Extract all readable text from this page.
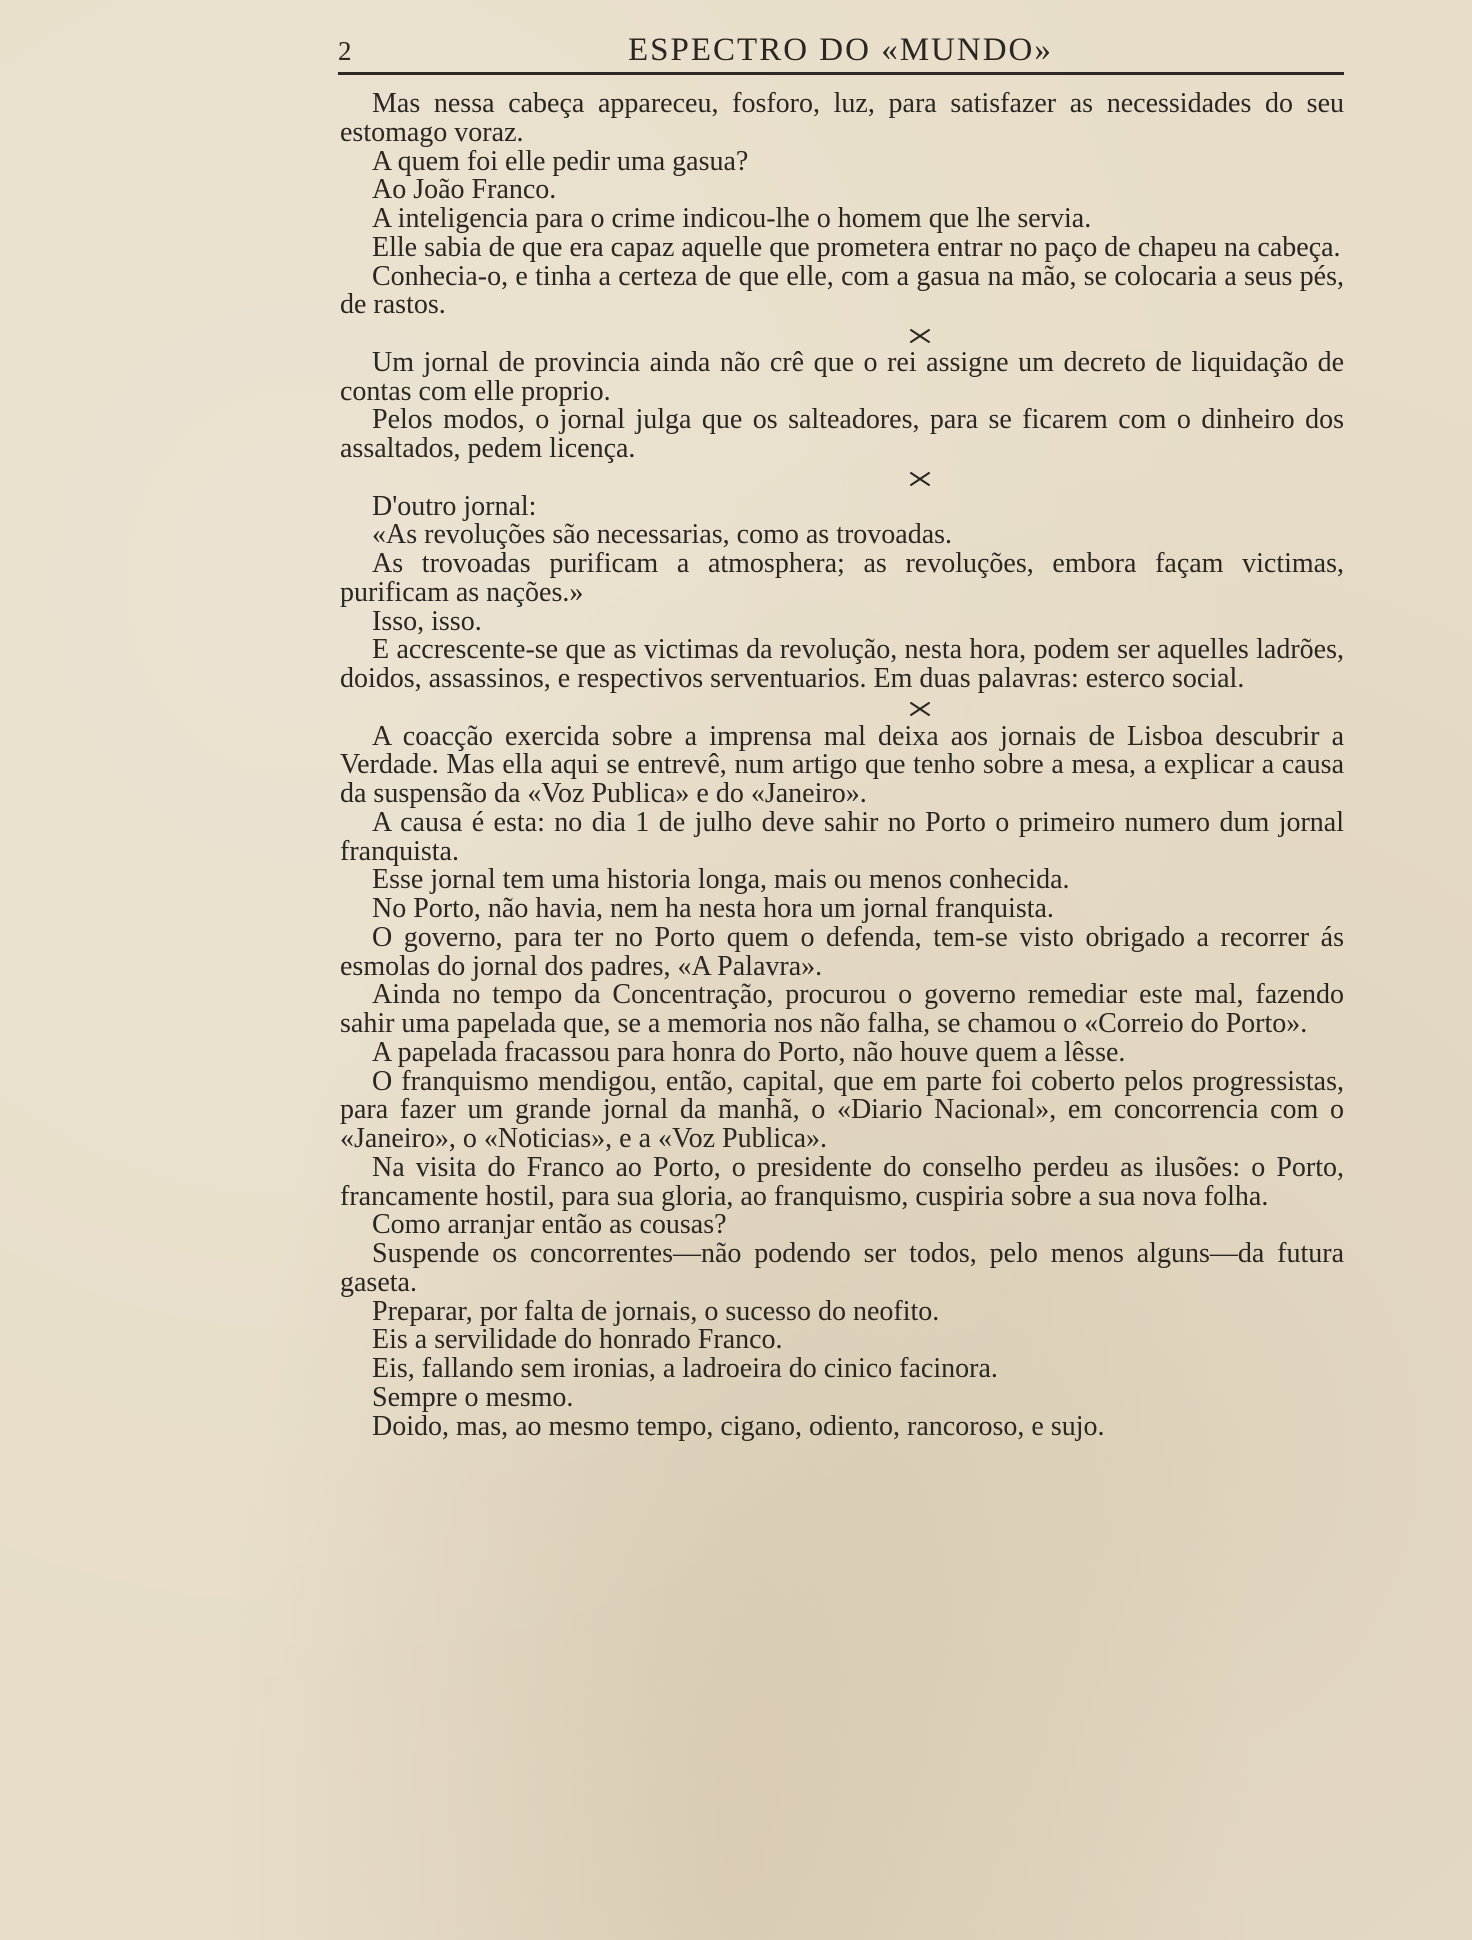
2	ESPECTRO DO «MUNDO»

Mas nessa cabeça appareceu, fosforo, luz, para satisfazer as necessidades do seu estomago voraz.

A quem foi elle pedir uma gasua?

Ao João Franco.

A inteligencia para o crime indicou-lhe o homem que lhe servia.

Elle sabia de que era capaz aquelle que prometera entrar no paço de chapeu na cabeça.

Conhecia-o, e tinha a certeza de que elle, com a gasua na mão, se colocaria a seus pés, de rastos.

Um jornal de provincia ainda não crê que o rei assigne um decreto de liquidação de contas com elle proprio.

Pelos modos, o jornal julga que os salteadores, para se ficarem com o dinheiro dos assaltados, pedem licença.

D'outro jornal:

«As revoluções são necessarias, como as trovoadas.

As trovoadas purificam a atmosphera; as revoluções, embora façam victimas, purificam as nações.»

Isso, isso.

E accrescente-se que as victimas da revolução, nesta hora, podem ser aquelles ladrões, doidos, assassinos, e respectivos serventuarios. Em duas palavras: esterco social.

A coacção exercida sobre a imprensa mal deixa aos jornais de Lisboa descubrir a Verdade. Mas ella aqui se entrevê, num artigo que tenho sobre a mesa, a explicar a causa da suspensão da «Voz Publica» e do «Janeiro».

A causa é esta: no dia 1 de julho deve sahir no Porto o primeiro numero dum jornal franquista.

Esse jornal tem uma historia longa, mais ou menos conhecida.

No Porto, não havia, nem ha nesta hora um jornal franquista.

O governo, para ter no Porto quem o defenda, tem-se visto obrigado a recorrer ás esmolas do jornal dos padres, «A Palavra».

Ainda no tempo da Concentração, procurou o governo remediar este mal, fazendo sahir uma papelada que, se a memoria nos não falha, se chamou o «Correio do Porto».

A papelada fracassou para honra do Porto, não houve quem a lêsse.

O franquismo mendigou, então, capital, que em parte foi coberto pelos progressistas, para fazer um grande jornal da manhã, o «Diario Nacional», em concorrencia com o «Janeiro», o «Noticias», e a «Voz Publica».

Na visita do Franco ao Porto, o presidente do conselho perdeu as ilusões: o Porto, francamente hostil, para sua gloria, ao franquismo, cuspiria sobre a sua nova folha.

Como arranjar então as cousas?

Suspende os concorrentes—não podendo ser todos, pelo menos alguns—da futura gaseta.

Preparar, por falta de jornais, o sucesso do neofito.

Eis a servilidade do honrado Franco.

Eis, fallando sem ironias, a ladroeira do cinico facinora.

Sempre o mesmo.

Doido, mas, ao mesmo tempo, cigano, odiento, rancoroso, e sujo.
